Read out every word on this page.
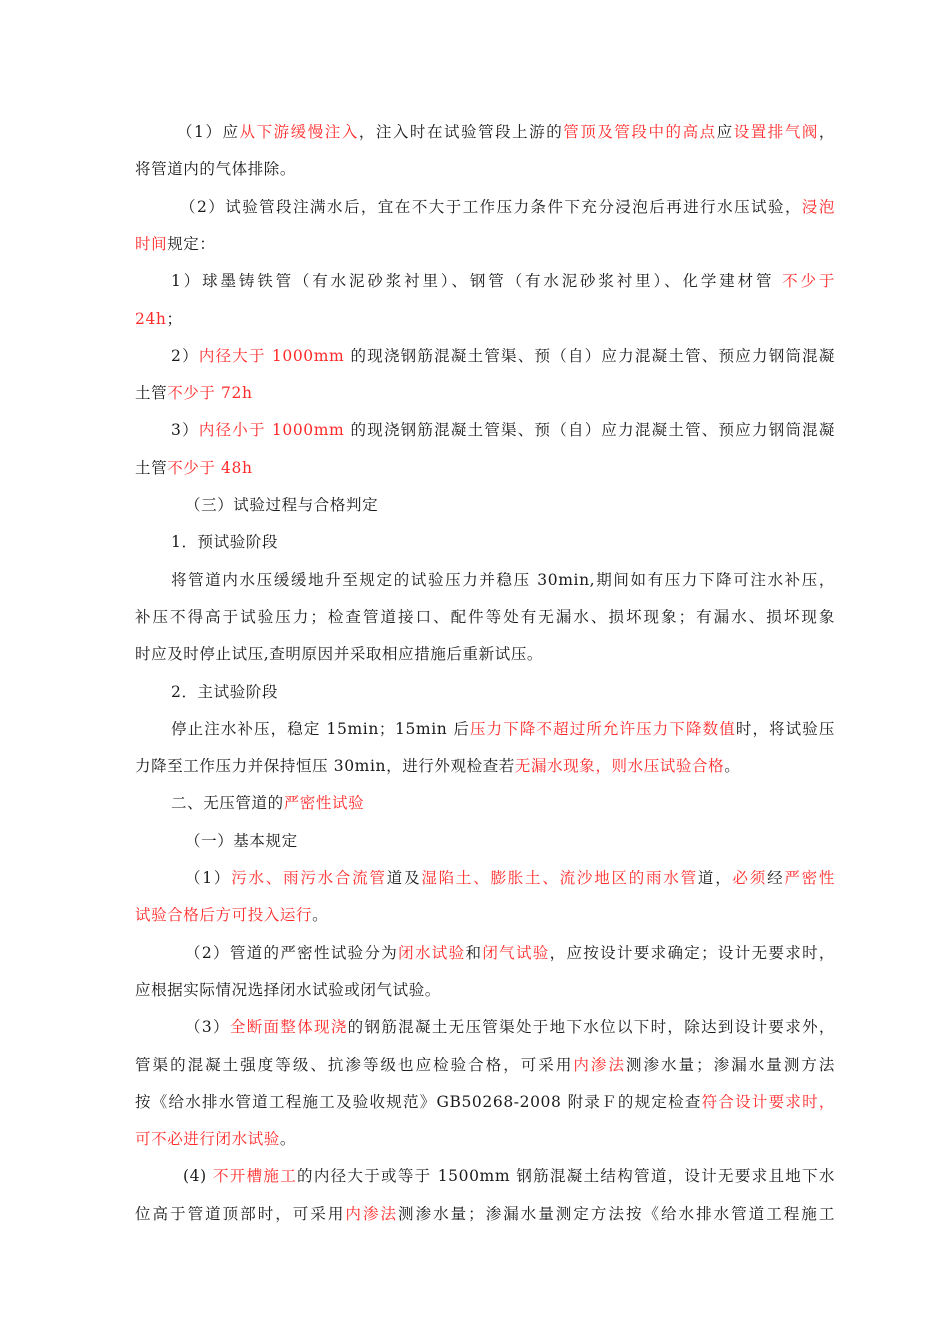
（1）应从下游缓慢注入，注入时在试验管段上游的管顶及管段中的高点应设置排气阀，
将管道内的气体排除。
（2）试验管段注满水后，宜在不大于工作压力条件下充分浸泡后再进行水压试验，浸泡
时间规定：
1）球墨铸铁管（有水泥砂浆衬里）、钢管（有水泥砂浆衬里）、化学建材管 不少于
24h；
2）内径大于 1000mm 的现浇钢筋混凝土管渠、预（自）应力混凝土管、预应力钢筒混凝
土管不少于 72h
3）内径小于 1000mm 的现浇钢筋混凝土管渠、预（自）应力混凝土管、预应力钢筒混凝
土管不少于 48h
（三）试验过程与合格判定
1．预试验阶段
将管道内水压缓缓地升至规定的试验压力并稳压 30min,期间如有压力下降可注水补压，
补压不得高于试验压力；检查管道接口、配件等处有无漏水、损坏现象；有漏水、损坏现象
时应及时停止试压,查明原因并采取相应措施后重新试压。
2．主试验阶段
停止注水补压，稳定 15min；15min 后压力下降不超过所允许压力下降数值时，将试验压
力降至工作压力并保持恒压 30min，进行外观检查若无漏水现象，则水压试验合格。
二、无压管道的严密性试验
（一）基本规定
（1）污水、雨污水合流管道及湿陷土、膨胀土、流沙地区的雨水管道，必须经严密性
试验合格后方可投入运行。
（2）管道的严密性试验分为闭水试验和闭气试验，应按设计要求确定；设计无要求时，
应根据实际情况选择闭水试验或闭气试验。
（3）全断面整体现浇的钢筋混凝土无压管渠处于地下水位以下时，除达到设计要求外，
管渠的混凝土强度等级、抗渗等级也应检验合格，可采用内渗法测渗水量；渗漏水量测方法
按《给水排水管道工程施工及验收规范》GB50268-2008 附录Ｆ的规定检查符合设计要求时，
可不必进行闭水试验。
(4) 不开槽施工的内径大于或等于 1500mm 钢筋混凝土结构管道，设计无要求且地下水
位高于管道顶部时，可采用内渗法测渗水量；渗漏水量测定方法按《给水排水管道工程施工
